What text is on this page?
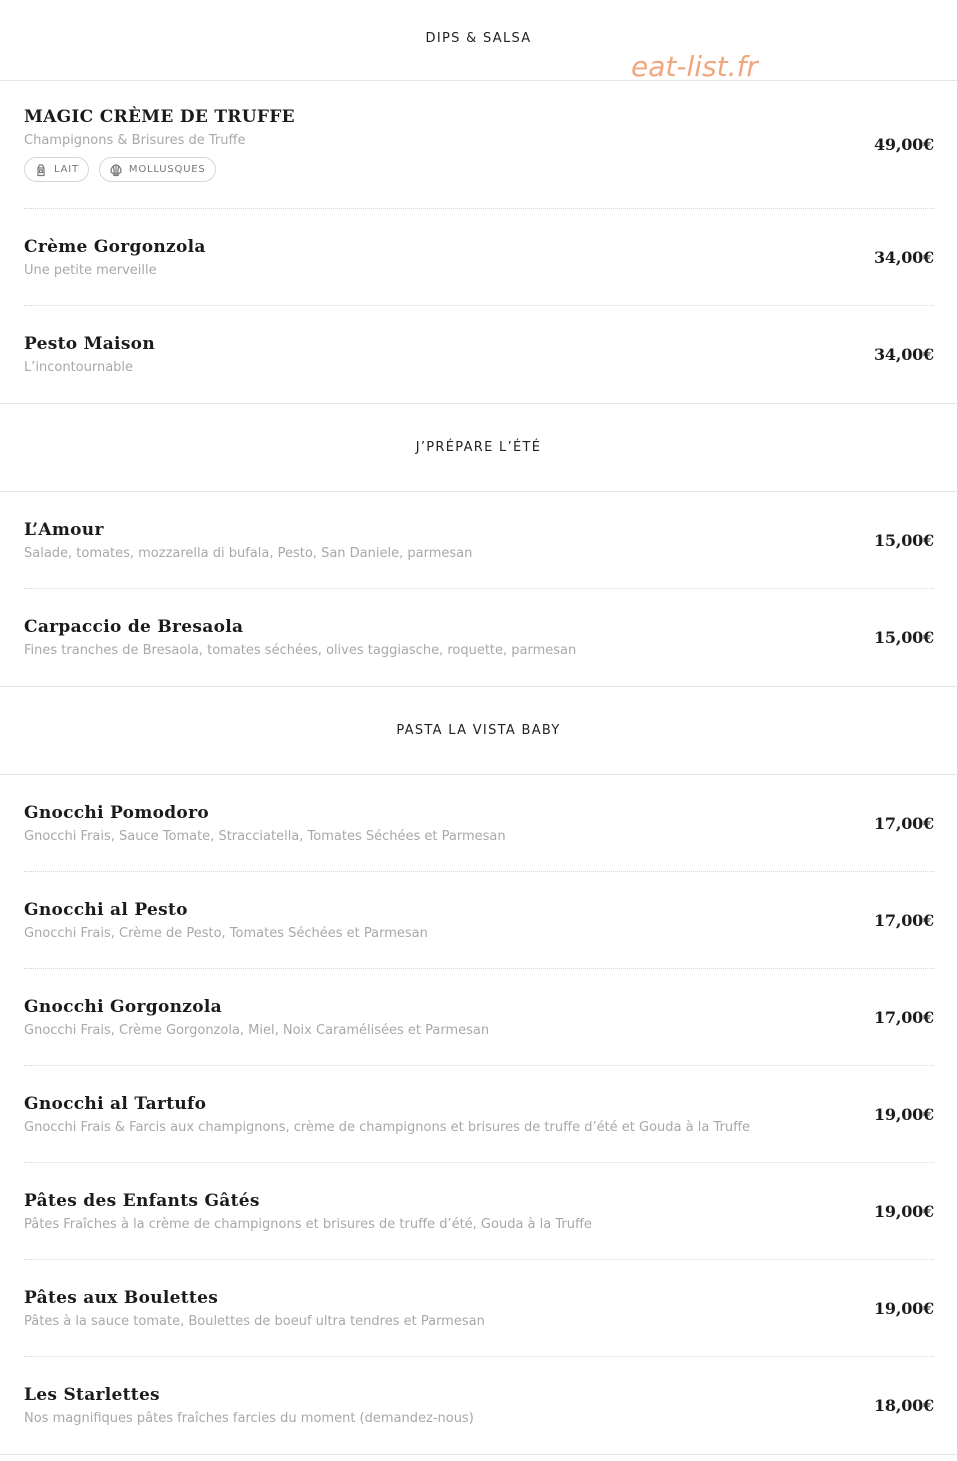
eat-list.fr
DIPS & SALSA
MAGIC CRÈME DE TRUFFE
Champignons & Brisures de Truffe
LAIT	MOLLUSQUES
49,00€
Crème Gorgonzola
Une petite merveille
34,00€
Pesto Maison
L’incontournable
34,00€
J’PRÉPARE L’ÉTÉ
L’Amour
Salade, tomates, mozzarella di bufala, Pesto, San Daniele, parmesan
15,00€
Carpaccio de Bresaola
Fines tranches de Bresaola, tomates séchées, olives taggiasche, roquette, parmesan
15,00€
PASTA LA VISTA BABY
Gnocchi Pomodoro
Gnocchi Frais, Sauce Tomate, Stracciatella, Tomates Séchées et Parmesan
17,00€
Gnocchi al Pesto
Gnocchi Frais, Crème de Pesto, Tomates Séchées et Parmesan
17,00€
Gnocchi Gorgonzola
Gnocchi Frais, Crème Gorgonzola, Miel, Noix Caramélisées et Parmesan
17,00€
Gnocchi al Tartufo
Gnocchi Frais & Farcis aux champignons, crème de champignons et brisures de truffe d’été et Gouda à la Truffe
19,00€
Pâtes des Enfants Gâtés
Pâtes Fraîches à la crème de champignons et brisures de truffe d’été, Gouda à la Truffe
19,00€
Pâtes aux Boulettes
Pâtes à la sauce tomate, Boulettes de boeuf ultra tendres et Parmesan
19,00€
Les Starlettes
Nos magnifiques pâtes fraîches farcies du moment (demandez-nous)
18,00€
